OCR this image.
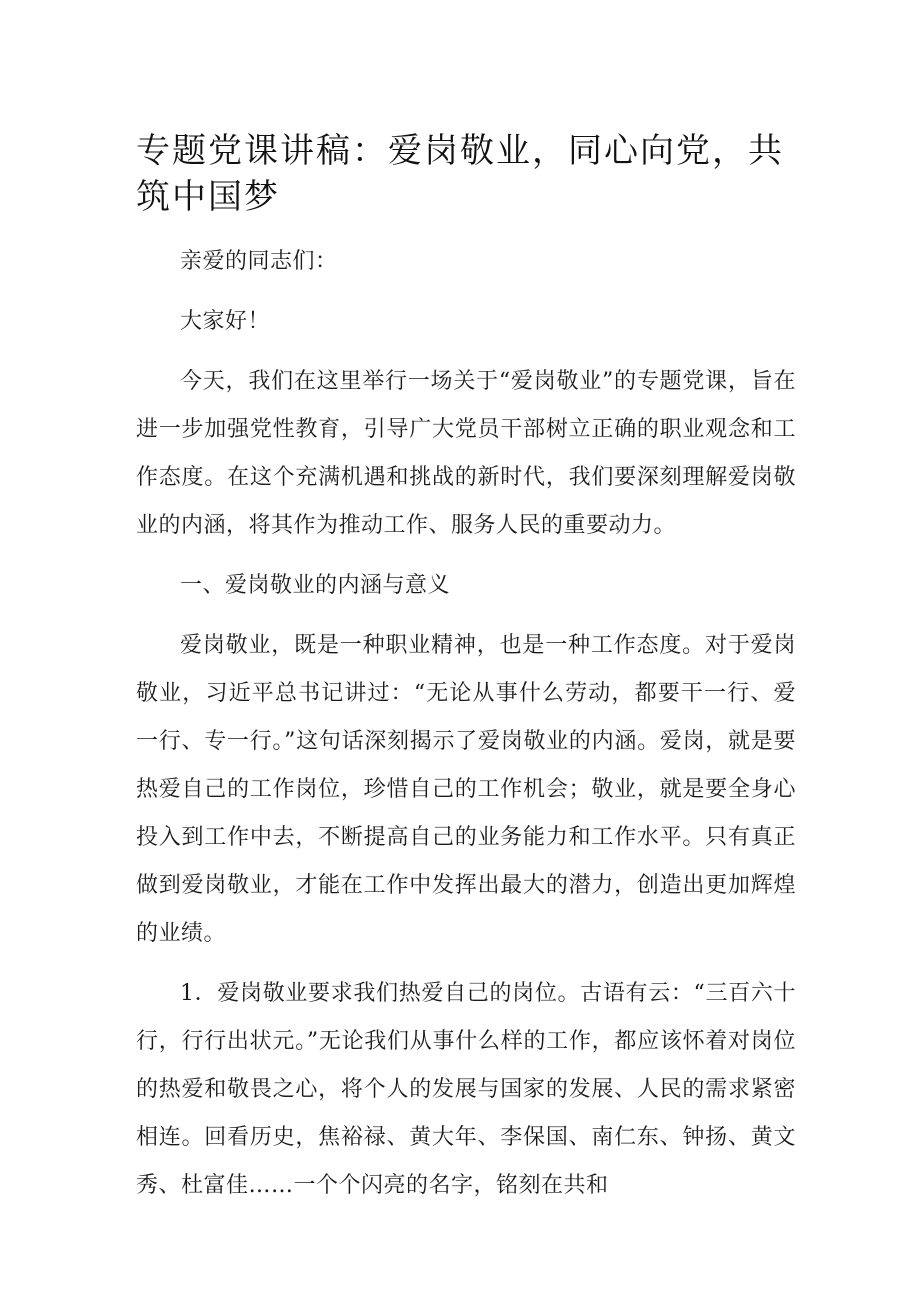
专题党课讲稿：爱岗敬业，同心向党，共筑中国梦

亲爱的同志们：

大家好！

今天，我们在这里举行一场关于“爱岗敬业”的专题党课，旨在进一步加强党性教育，引导广大党员干部树立正确的职业观念和工作态度。在这个充满机遇和挑战的新时代，我们要深刻理解爱岗敬业的内涵，将其作为推动工作、服务人民的重要动力。

一、爱岗敬业的内涵与意义

爱岗敬业，既是一种职业精神，也是一种工作态度。对于爱岗敬业，习近平总书记讲过：“无论从事什么劳动，都要干一行、爱一行、专一行。”这句话深刻揭示了爱岗敬业的内涵。爱岗，就是要热爱自己的工作岗位，珍惜自己的工作机会；敬业，就是要全身心投入到工作中去，不断提高自己的业务能力和工作水平。只有真正做到爱岗敬业，才能在工作中发挥出最大的潜力，创造出更加辉煌的业绩。

1．爱岗敬业要求我们热爱自己的岗位。古语有云：“三百六十行，行行出状元。”无论我们从事什么样的工作，都应该怀着对岗位的热爱和敬畏之心，将个人的发展与国家的发展、人民的需求紧密相连。回看历史，焦裕禄、黄大年、李保国、南仁东、钟扬、黄文秀、杜富佳……一个个闪亮的名字，铭刻在共和
